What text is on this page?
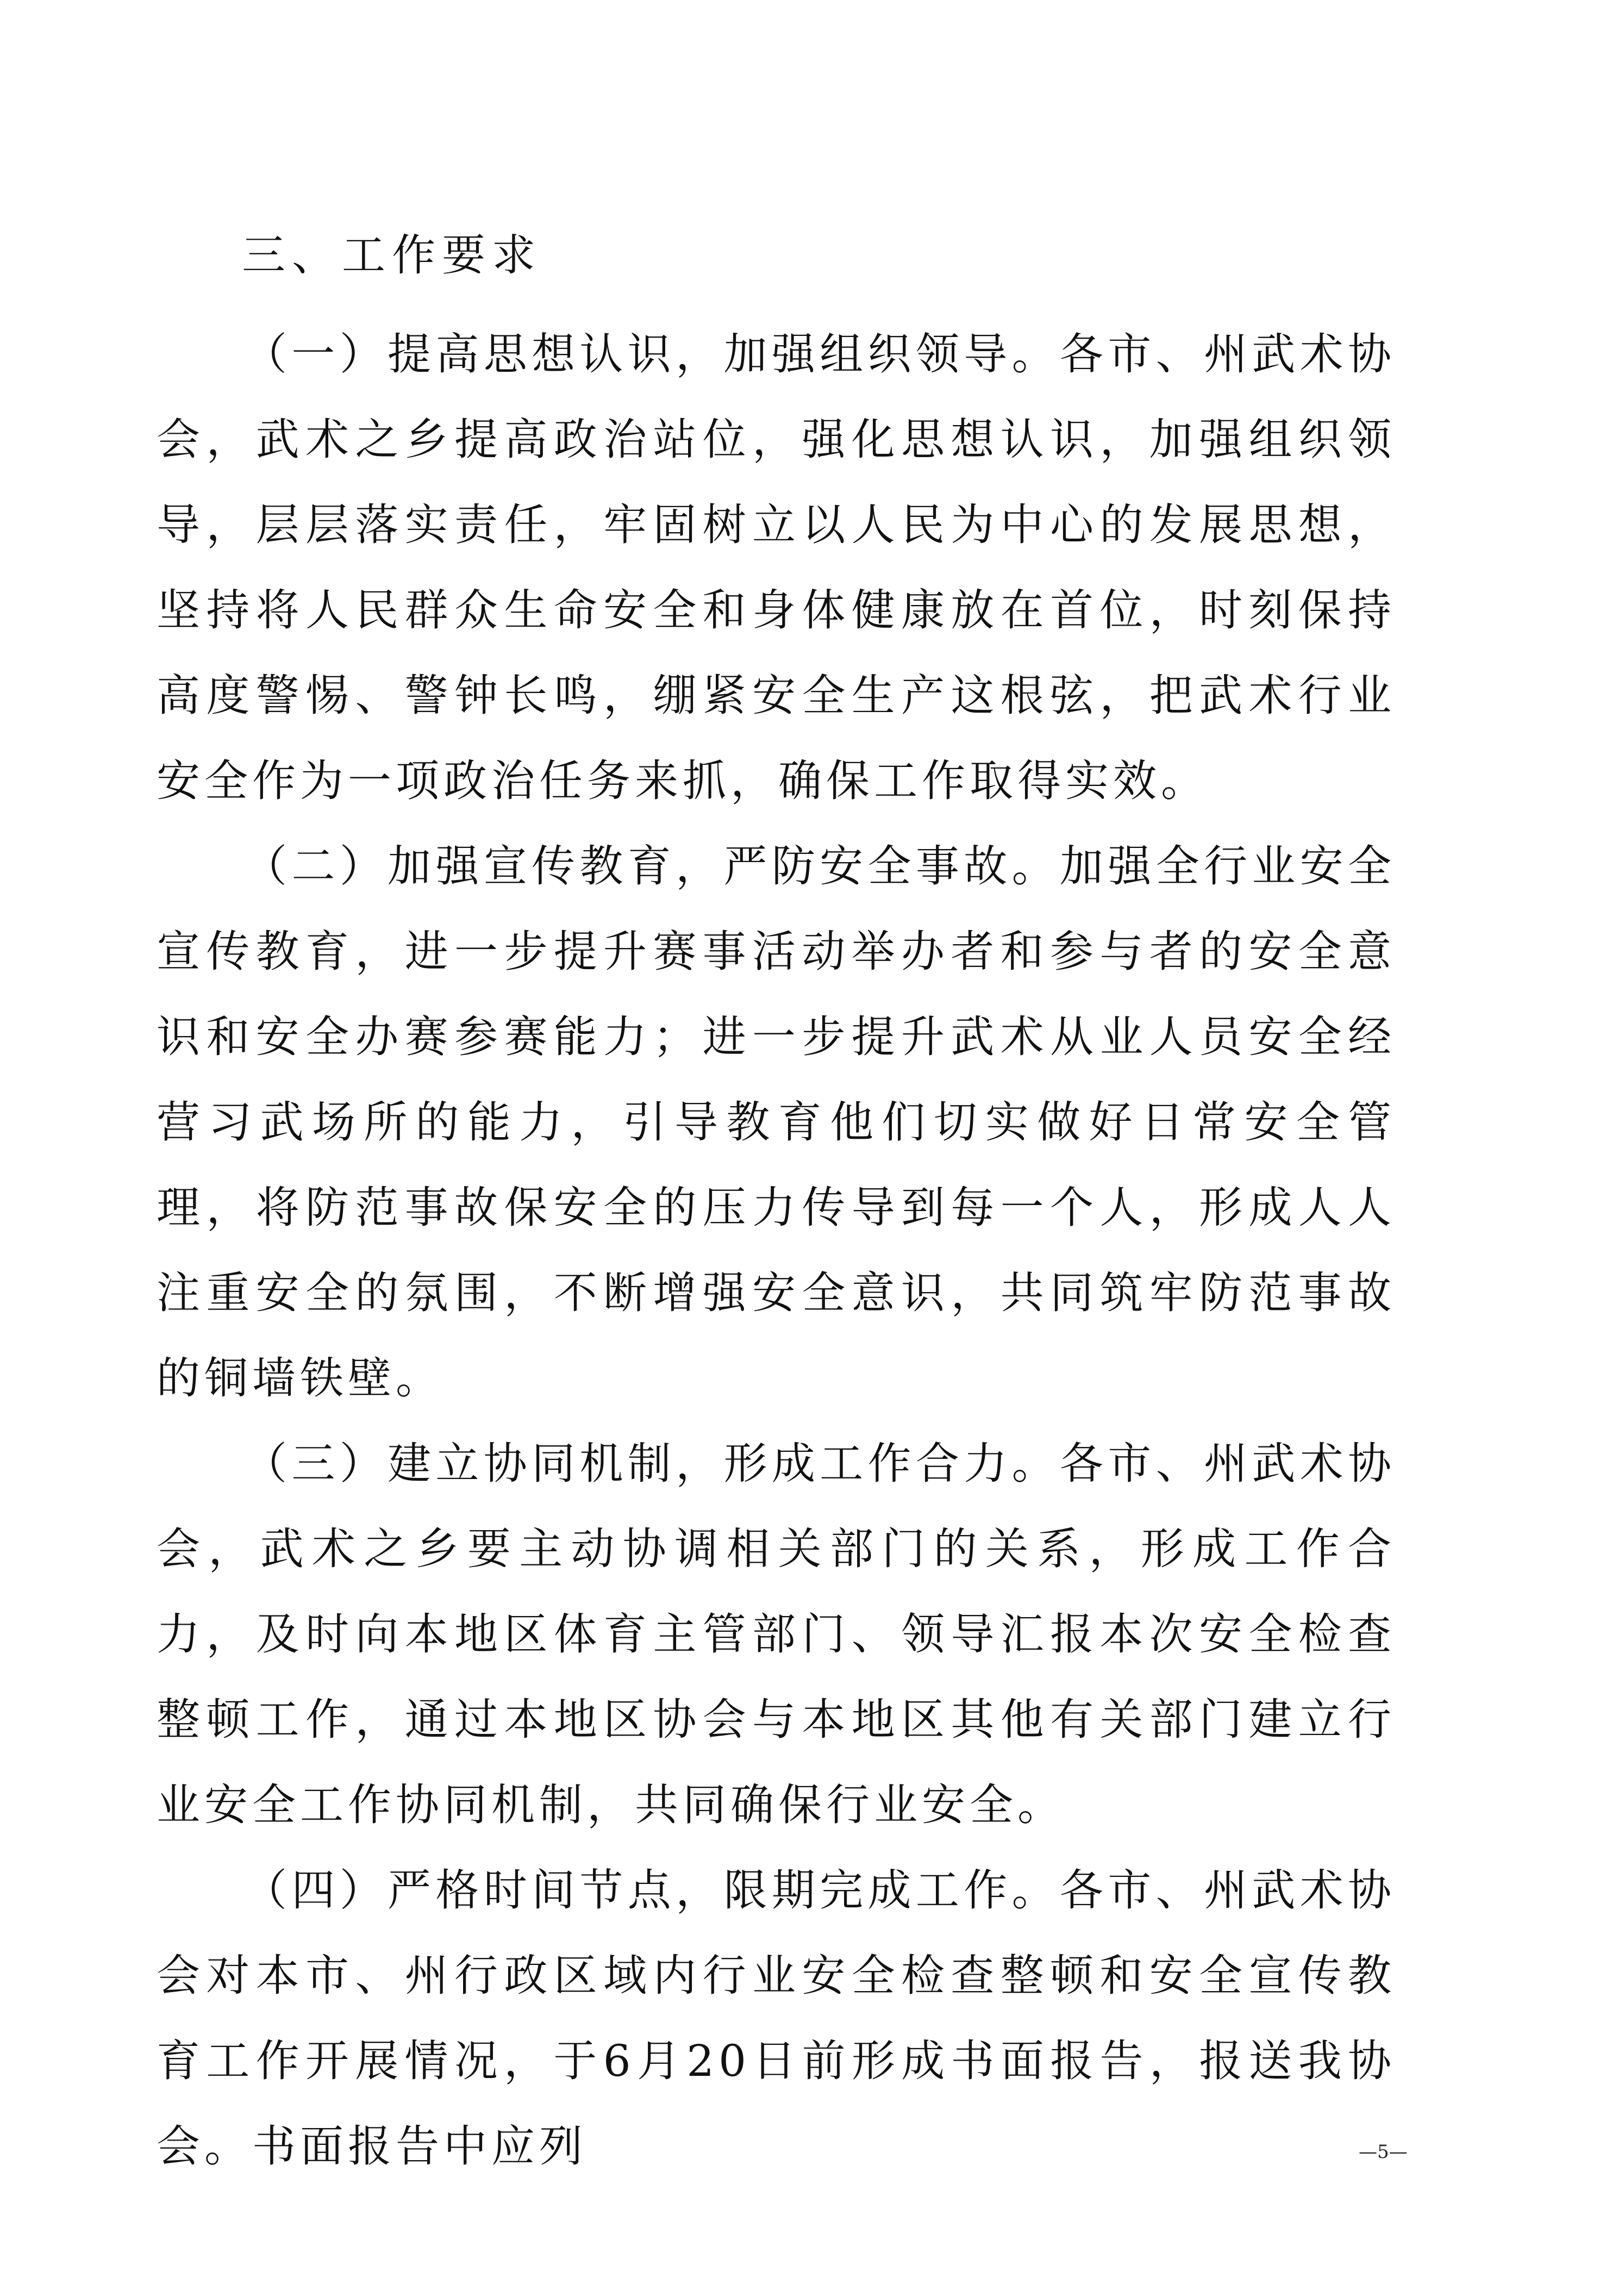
三、工作要求

（一）提高思想认识，加强组织领导。各市、州武术协会，武术之乡提高政治站位，强化思想认识，加强组织领导，层层落实责任，牢固树立以人民为中心的发展思想，坚持将人民群众生命安全和身体健康放在首位，时刻保持高度警惕、警钟长鸣，绷紧安全生产这根弦，把武术行业安全作为一项政治任务来抓，确保工作取得实效。

（二）加强宣传教育，严防安全事故。加强全行业安全宣传教育，进一步提升赛事活动举办者和参与者的安全意识和安全办赛参赛能力；进一步提升武术从业人员安全经营习武场所的能力，引导教育他们切实做好日常安全管理，将防范事故保安全的压力传导到每一个人，形成人人注重安全的氛围，不断增强安全意识，共同筑牢防范事故的铜墙铁壁。

（三）建立协同机制，形成工作合力。各市、州武术协会，武术之乡要主动协调相关部门的关系，形成工作合力，及时向本地区体育主管部门、领导汇报本次安全检查整顿工作，通过本地区协会与本地区其他有关部门建立行业安全工作协同机制，共同确保行业安全。

（四）严格时间节点，限期完成工作。各市、州武术协会对本市、州行政区域内行业安全检查整顿和安全宣传教育工作开展情况，于6月20日前形成书面报告，报送我协会。书面报告中应列	—5—
